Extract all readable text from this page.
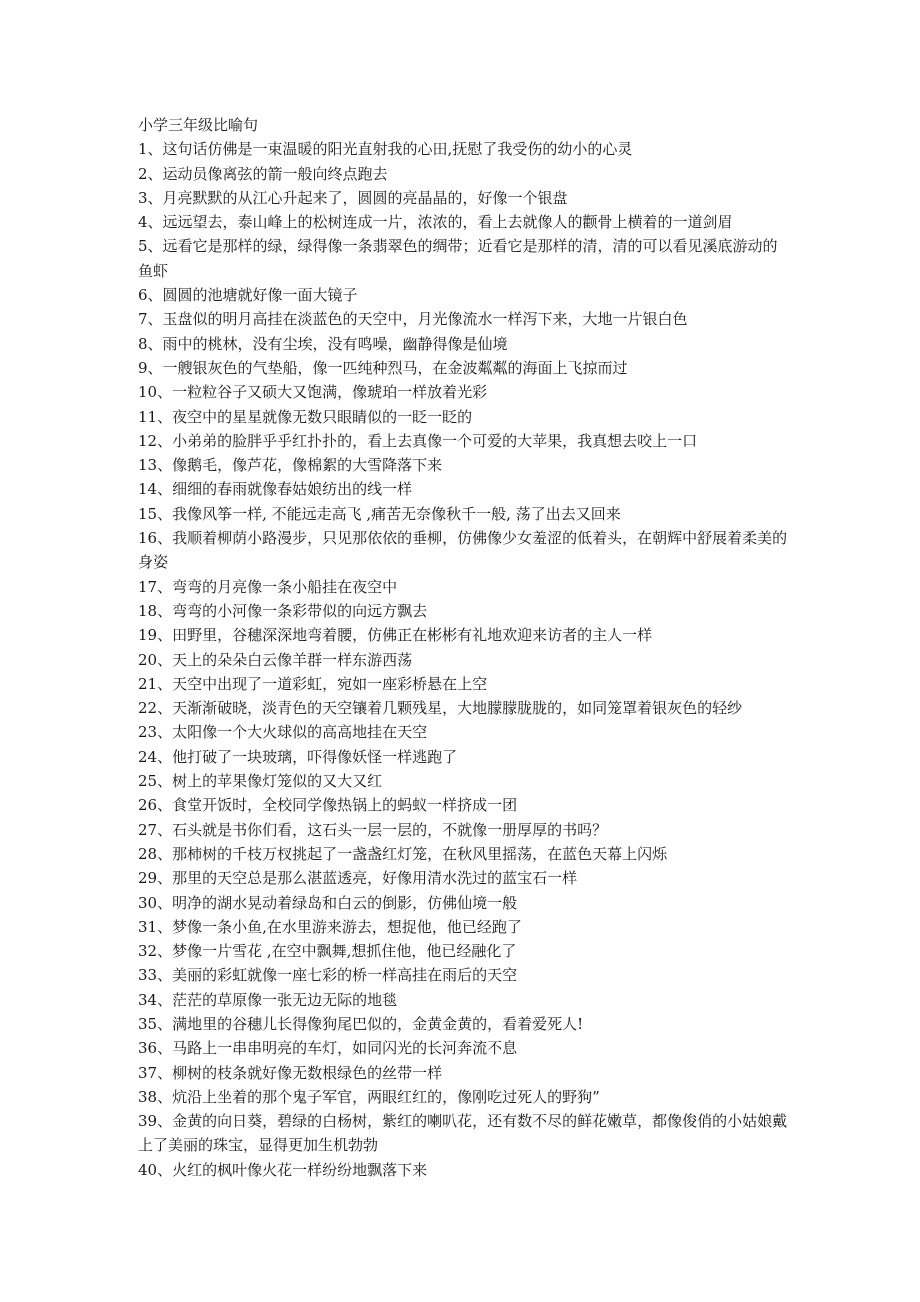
小学三年级比喻句
1、这句话仿佛是一束温暖的阳光直射我的心田,抚慰了我受伤的幼小的心灵
2、运动员像离弦的箭一般向终点跑去
3、月亮默默的从江心升起来了，圆圆的亮晶晶的，好像一个银盘
4、远远望去，泰山峰上的松树连成一片，浓浓的，看上去就像人的颧骨上横着的一道剑眉
5、远看它是那样的绿，绿得像一条翡翠色的绸带；近看它是那样的清，清的可以看见溪底游动的鱼虾
6、圆圆的池塘就好像一面大镜子
7、玉盘似的明月高挂在淡蓝色的天空中，月光像流水一样泻下来，大地一片银白色
8、雨中的桃林，没有尘埃，没有鸣噪，幽静得像是仙境
9、一艘银灰色的气垫船，像一匹纯种烈马，在金波粼粼的海面上飞掠而过
10、一粒粒谷子又硕大又饱满，像琥珀一样放着光彩
11、夜空中的星星就像无数只眼睛似的一眨一眨的
12、小弟弟的脸胖乎乎红扑扑的，看上去真像一个可爱的大苹果，我真想去咬上一口
13、像鹅毛，像芦花，像棉絮的大雪降落下来
14、细细的春雨就像春姑娘纺出的线一样
15、我像风筝一样, 不能远走高飞 ,痛苦无奈像秋千一般, 荡了出去又回来
16、我顺着柳荫小路漫步，只见那依依的垂柳，仿佛像少女羞涩的低着头，在朝辉中舒展着柔美的身姿
17、弯弯的月亮像一条小船挂在夜空中
18、弯弯的小河像一条彩带似的向远方飘去
19、田野里，谷穗深深地弯着腰，仿佛正在彬彬有礼地欢迎来访者的主人一样
20、天上的朵朵白云像羊群一样东游西荡
21、天空中出现了一道彩虹，宛如一座彩桥悬在上空
22、天渐渐破晓，淡青色的天空镶着几颗残星，大地朦朦胧胧的，如同笼罩着银灰色的轻纱
23、太阳像一个大火球似的高高地挂在天空
24、他打破了一块玻璃，吓得像妖怪一样逃跑了
25、树上的苹果像灯笼似的又大又红
26、食堂开饭时，全校同学像热锅上的蚂蚁一样挤成一团
27、石头就是书你们看，这石头一层一层的，不就像一册厚厚的书吗？
28、那柿树的千枝万杈挑起了一盏盏红灯笼，在秋风里摇荡，在蓝色天幕上闪烁
29、那里的天空总是那么湛蓝透亮，好像用清水洗过的蓝宝石一样
30、明净的湖水晃动着绿岛和白云的倒影，仿佛仙境一般
31、梦像一条小鱼,在水里游来游去，想捉他，他已经跑了
32、梦像一片雪花 ,在空中飘舞,想抓住他，他已经融化了
33、美丽的彩虹就像一座七彩的桥一样高挂在雨后的天空
34、茫茫的草原像一张无边无际的地毯
35、满地里的谷穗儿长得像狗尾巴似的，金黄金黄的，看着爱死人!
36、马路上一串串明亮的车灯，如同闪光的长河奔流不息
37、柳树的枝条就好像无数根绿色的丝带一样
38、炕沿上坐着的那个鬼子军官，两眼红红的，像刚吃过死人的野狗”
39、金黄的向日葵，碧绿的白杨树，紫红的喇叭花，还有数不尽的鲜花嫩草，都像俊俏的小姑娘戴上了美丽的珠宝，显得更加生机勃勃
40、火红的枫叶像火花一样纷纷地飘落下来
